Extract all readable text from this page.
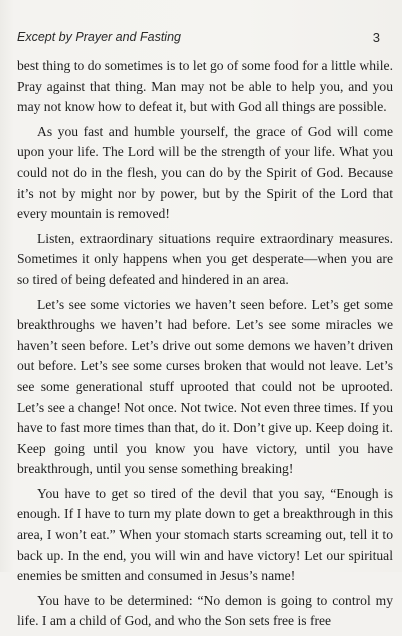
Except by Prayer and Fasting	3

best thing to do sometimes is to let go of some food for a little while. Pray against that thing. Man may not be able to help you, and you may not know how to defeat it, but with God all things are possible.

As you fast and humble yourself, the grace of God will come upon your life. The Lord will be the strength of your life. What you could not do in the flesh, you can do by the Spirit of God. Because it’s not by might nor by power, but by the Spirit of the Lord that every mountain is removed!

Listen, extraordinary situations require extraordinary measures. Sometimes it only happens when you get desperate—when you are so tired of being defeated and hindered in an area.

Let’s see some victories we haven’t seen before. Let’s get some breakthroughs we haven’t had before. Let’s see some miracles we haven’t seen before. Let’s drive out some demons we haven’t driven out before. Let’s see some curses broken that would not leave. Let’s see some generational stuff uprooted that could not be uprooted. Let’s see a change! Not once. Not twice. Not even three times. If you have to fast more times than that, do it. Don’t give up. Keep doing it. Keep going until you know you have victory, until you have breakthrough, until you sense something breaking!

You have to get so tired of the devil that you say, “Enough is enough. If I have to turn my plate down to get a breakthrough in this area, I won’t eat.” When your stomach starts screaming out, tell it to back up. In the end, you will win and have victory! Let our spiritual enemies be smitten and consumed in Jesus’s name!

You have to be determined: “No demon is going to control my life. I am a child of God, and who the Son sets free is free
